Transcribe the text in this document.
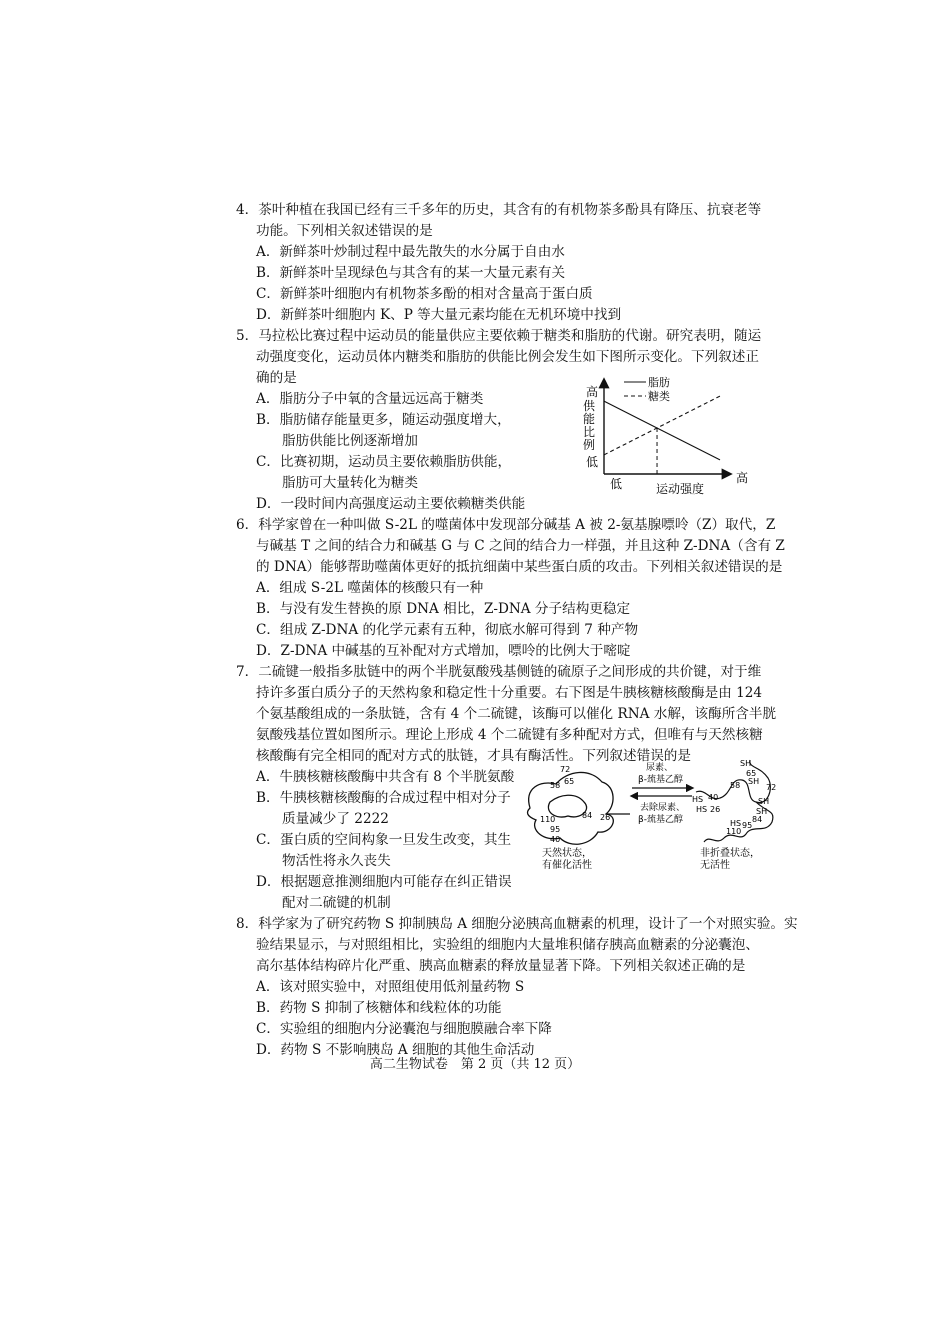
4．茶叶种植在我国已经有三千多年的历史，其含有的有机物茶多酚具有降压、抗衰老等
功能。下列相关叙述错误的是
A．新鲜茶叶炒制过程中最先散失的水分属于自由水
B．新鲜茶叶呈现绿色与其含有的某一大量元素有关
C．新鲜茶叶细胞内有机物茶多酚的相对含量高于蛋白质
D．新鲜茶叶细胞内 K、P 等大量元素均能在无机环境中找到
5．马拉松比赛过程中运动员的能量供应主要依赖于糖类和脂肪的代谢。研究表明，随运
动强度变化，运动员体内糖类和脂肪的供能比例会发生如下图所示变化。下列叙述正
确的是
A．脂肪分子中氧的含量远远高于糖类
B．脂肪储存能量更多，随运动强度增大，
脂肪供能比例逐渐增加
C．比赛初期，运动员主要依赖脂肪供能，
脂肪可大量转化为糖类
D．一段时间内高强度运动主要依赖糖类供能
高
低
低	高
运动强度
供能比例
脂肪
糖类
6．科学家曾在一种叫做 S-2L 的噬菌体中发现部分碱基 A 被 2-氨基腺嘌呤（Z）取代，Z
与碱基 T 之间的结合力和碱基 G 与 C 之间的结合力一样强，并且这种 Z-DNA（含有 Z
的 DNA）能够帮助噬菌体更好的抵抗细菌中某些蛋白质的攻击。下列相关叙述错误的是
A．组成 S-2L 噬菌体的核酸只有一种
B．与没有发生替换的原 DNA 相比，Z-DNA 分子结构更稳定
C．组成 Z-DNA 的化学元素有五种，彻底水解可得到 7 种产物
D．Z-DNA 中碱基的互补配对方式增加，嘌呤的比例大于嘧啶
7．二硫键一般指多肽链中的两个半胱氨酸残基侧链的硫原子之间形成的共价键，对于维
持许多蛋白质分子的天然构象和稳定性十分重要。右下图是牛胰核糖核酸酶是由 124
个氨基酸组成的一条肽链，含有 4 个二硫键，该酶可以催化 RNA 水解，该酶所含半胱
氨酸残基位置如图所示。理论上形成 4 个二硫键有多种配对方式，但唯有与天然核糖
核酸酶有完全相同的配对方式的肽链，才具有酶活性。下列叙述错误的是
A．牛胰核糖核酸酶中共含有 8 个半胱氨酸
B．牛胰核糖核酸酶的合成过程中相对分子
质量减少了 2222
C．蛋白质的空间构象一旦发生改变，其生
物活性将永久丧失
D．根据题意推测细胞内可能存在纠正错误
配对二硫键的机制
72
65
58
84 26
110
95
40
天然状态，
有催化活性
尿素、
β-巯基乙醇
去除尿素、
β-巯基乙醇
SH
65
72
58 SH
SH
HS 40
HS 26	SH
84
HS
110
95
非折叠状态，
无活性
8．科学家为了研究药物 S 抑制胰岛 A 细胞分泌胰高血糖素的机理，设计了一个对照实验。实
验结果显示，与对照组相比，实验组的细胞内大量堆积储存胰高血糖素的分泌囊泡、
高尔基体结构碎片化严重、胰高血糖素的释放量显著下降。下列相关叙述正确的是
A．该对照实验中，对照组使用低剂量药物 S
B．药物 S 抑制了核糖体和线粒体的功能
C．实验组的细胞内分泌囊泡与细胞膜融合率下降
D．药物 S 不影响胰岛 A 细胞的其他生命活动
高二生物试卷　第 2 页（共 12 页）
